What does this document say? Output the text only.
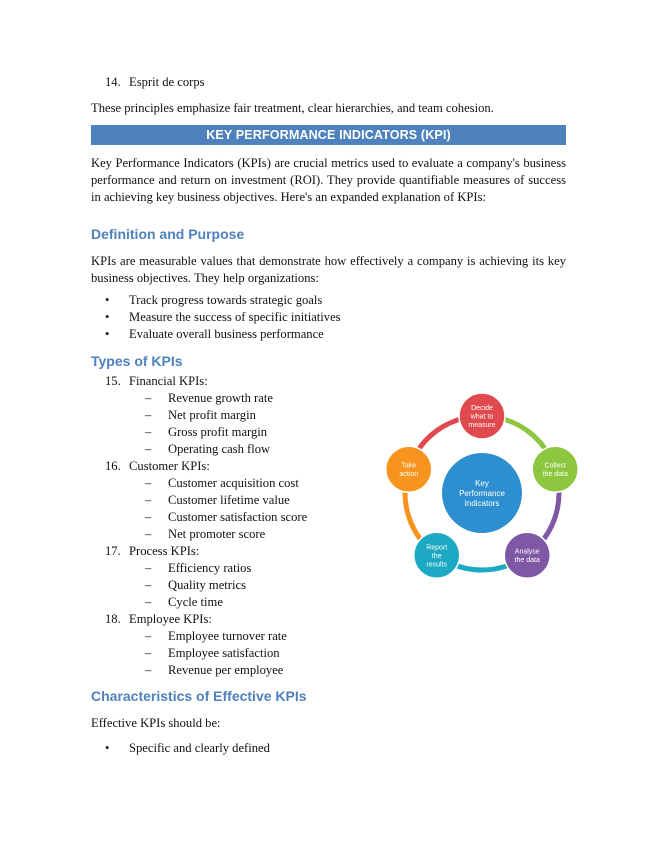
14. Esprit de corps
These principles emphasize fair treatment, clear hierarchies, and team cohesion.
KEY PERFORMANCE INDICATORS (KPI)
Key Performance Indicators (KPIs) are crucial metrics used to evaluate a company's business performance and return on investment (ROI). They provide quantifiable measures of success in achieving key business objectives. Here's an expanded explanation of KPIs:
Definition and Purpose
KPIs are measurable values that demonstrate how effectively a company is achieving its key business objectives. They help organizations:
• Track progress towards strategic goals
• Measure the success of specific initiatives
• Evaluate overall business performance
Types of KPIs
15. Financial KPIs:
– Revenue growth rate
– Net profit margin
– Gross profit margin
– Operating cash flow
16. Customer KPIs:
– Customer acquisition cost
– Customer lifetime value
– Customer satisfaction score
– Net promoter score
17. Process KPIs:
– Efficiency ratios
– Quality metrics
– Cycle time
18. Employee KPIs:
– Employee turnover rate
– Employee satisfaction
– Revenue per employee
Characteristics of Effective KPIs
Effective KPIs should be:
• Specific and clearly defined
Key Performance Indicators
Decide what to measure
Collect the data
Analyse the data
Report the results
Take action
